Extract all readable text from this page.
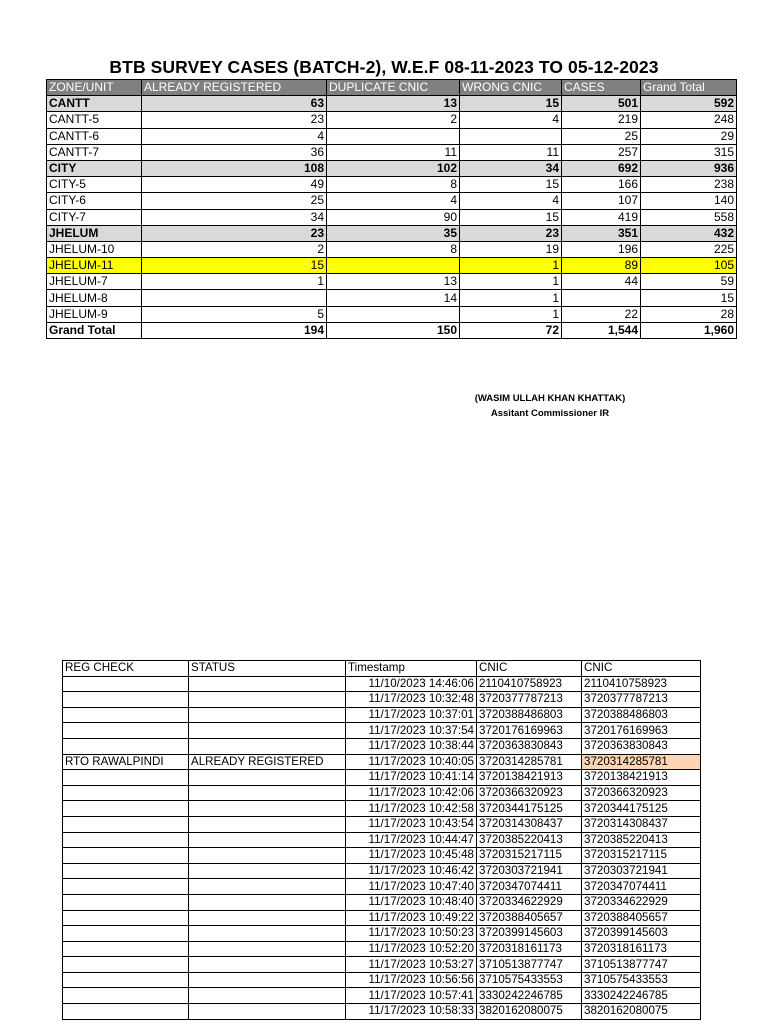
BTB SURVEY CASES (BATCH-2), W.E.F 08-11-2023 TO 05-12-2023
ZONE/UNIT	ALREADY REGISTERED	DUPLICATE CNIC	WRONG CNIC	CASES	Grand Total
CANTT	63	13	15	501	592
CANTT-5	23	2	4	219	248
CANTT-6	4			25	29
CANTT-7	36	11	11	257	315
CITY	108	102	34	692	936
CITY-5	49	8	15	166	238
CITY-6	25	4	4	107	140
CITY-7	34	90	15	419	558
JHELUM	23	35	23	351	432
JHELUM-10	2	8	19	196	225
JHELUM-11	15		1	89	105
JHELUM-7	1	13	1	44	59
JHELUM-8		14	1		15
JHELUM-9	5		1	22	28
Grand Total	194	150	72	1,544	1,960
(WASIM ULLAH KHAN KHATTAK)
Assitant Commissioner IR
REG CHECK	STATUS	Timestamp	CNIC	CNIC
		11/10/2023 14:46:06	2110410758923	2110410758923
		11/17/2023 10:32:48	3720377787213	3720377787213
		11/17/2023 10:37:01	3720388486803	3720388486803
		11/17/2023 10:37:54	3720176169963	3720176169963
		11/17/2023 10:38:44	3720363830843	3720363830843
RTO RAWALPINDI	ALREADY REGISTERED	11/17/2023 10:40:05	3720314285781	3720314285781
		11/17/2023 10:41:14	3720138421913	3720138421913
		11/17/2023 10:42:06	3720366320923	3720366320923
		11/17/2023 10:42:58	3720344175125	3720344175125
		11/17/2023 10:43:54	3720314308437	3720314308437
		11/17/2023 10:44:47	3720385220413	3720385220413
		11/17/2023 10:45:48	3720315217115	3720315217115
		11/17/2023 10:46:42	3720303721941	3720303721941
		11/17/2023 10:47:40	3720347074411	3720347074411
		11/17/2023 10:48:40	3720334622929	3720334622929
		11/17/2023 10:49:22	3720388405657	3720388405657
		11/17/2023 10:50:23	3720399145603	3720399145603
		11/17/2023 10:52:20	3720318161173	3720318161173
		11/17/2023 10:53:27	3710513877747	3710513877747
		11/17/2023 10:56:56	3710575433553	3710575433553
		11/17/2023 10:57:41	3330242246785	3330242246785
		11/17/2023 10:58:33	3820162080075	3820162080075
